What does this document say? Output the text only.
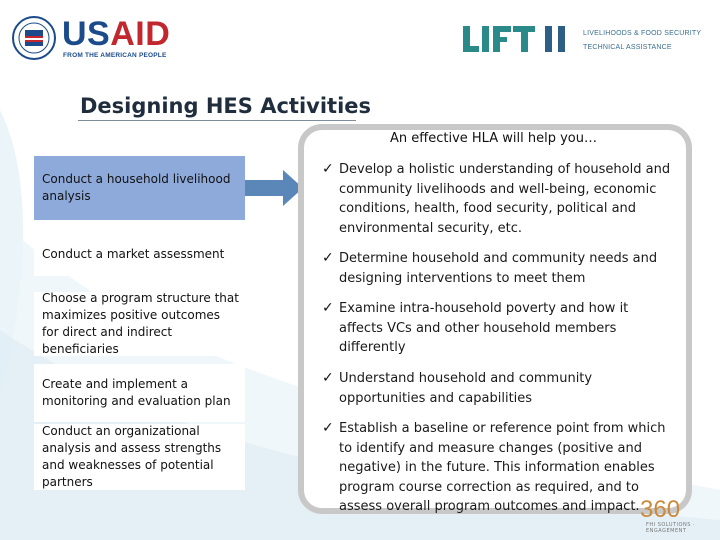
USAID
FROM THE AMERICAN PEOPLE
LIVELIHOODS & FOOD SECURITY
TECHNICAL ASSISTANCE
Designing HES Activities
Conduct a household livelihood analysis
Conduct a market assessment
Choose a program structure that maximizes positive outcomes for direct and indirect beneficiaries
Create and implement a monitoring and evaluation plan
Conduct an organizational analysis and assess strengths and weaknesses of potential partners
An effective HLA will help you…
✓ Develop a holistic understanding of household and community livelihoods and well-being, economic conditions, health, food security, political and environmental security, etc.
✓ Determine household and community needs and designing interventions to meet them
✓ Examine intra-household poverty and how it affects VCs and other household members differently
✓ Understand household and community opportunities and capabilities
✓ Establish a baseline or reference point from which to identify and measure changes (positive and negative) in the future. This information enables program course correction as required, and to assess overall program outcomes and impact. 360
FHI SOLUTIONS · ENGAGEMENT
